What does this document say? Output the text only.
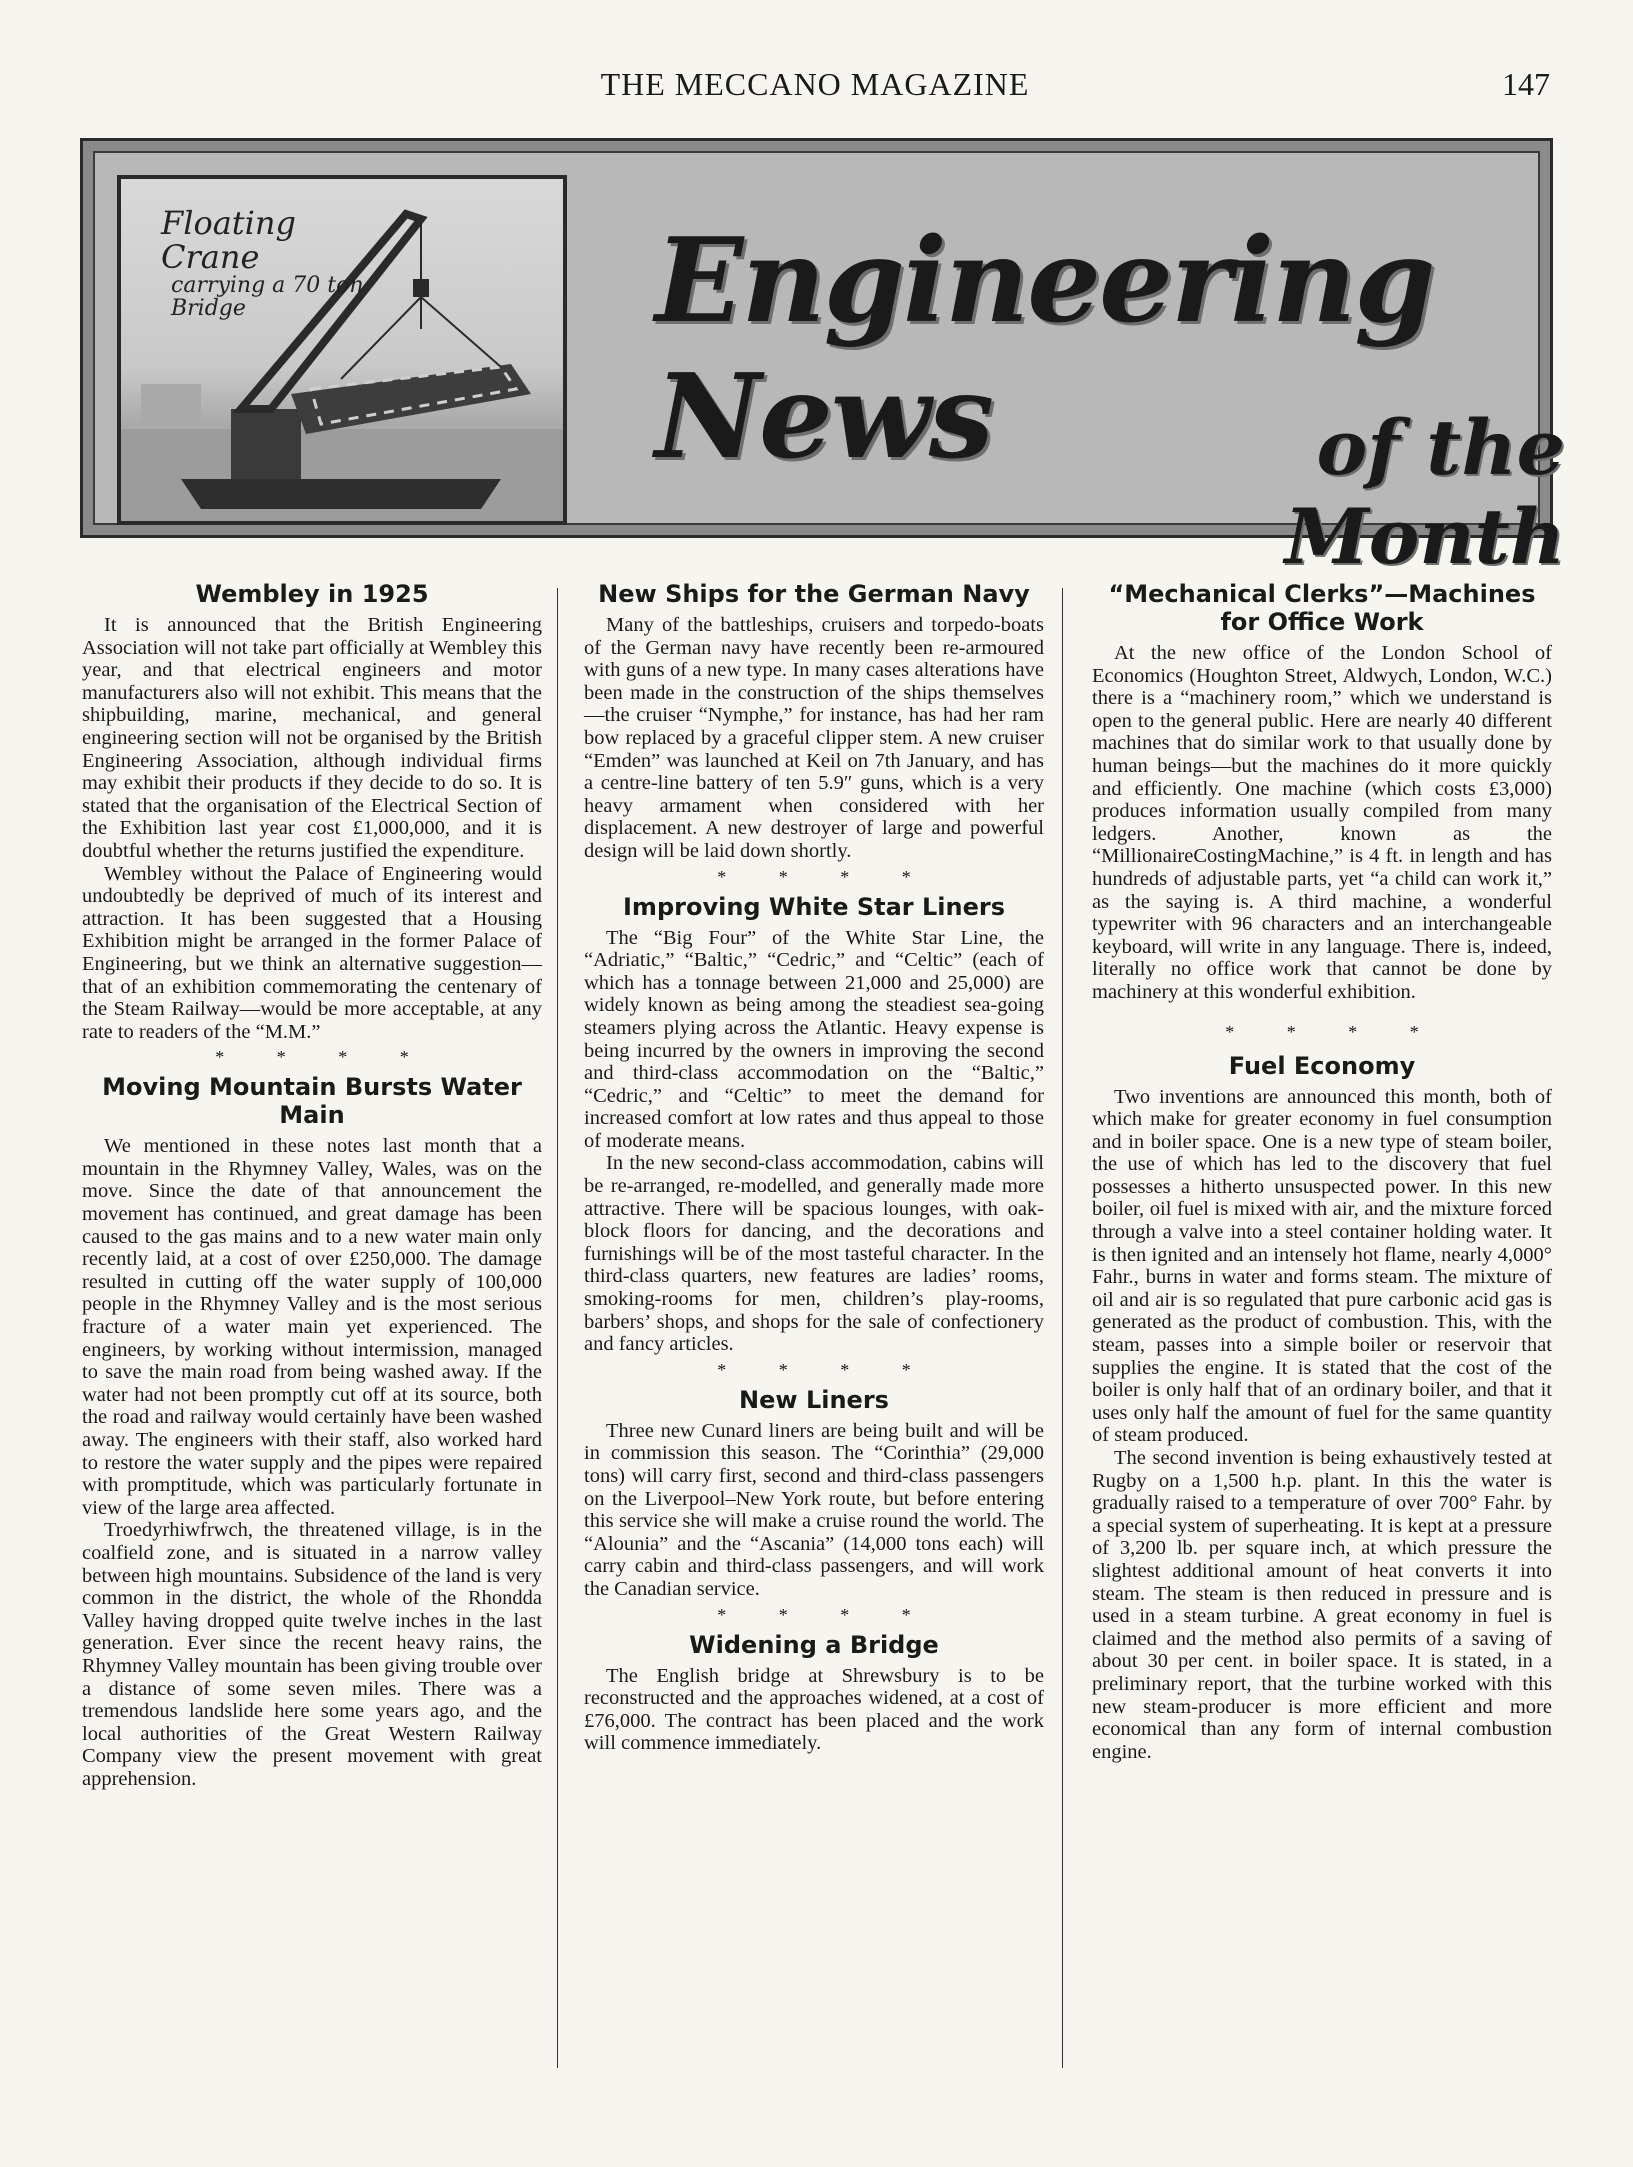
THE MECCANO MAGAZINE	147
Floating Crane
carrying a 70 ton Bridge	Engineering News	of the Month
Wembley in 1925

It is announced that the British Engineering Association will not take part officially at Wembley this year, and that electrical engineers and motor manufacturers also will not exhibit. This means that the shipbuilding, marine, mechanical, and general engineering section will not be organised by the British Engineering Association, although individual firms may exhibit their products if they decide to do so. It is stated that the organisation of the Electrical Section of the Exhibition last year cost £1,000,000, and it is doubtful whether the returns justified the expenditure.

Wembley without the Palace of Engineering would undoubtedly be deprived of much of its interest and attraction. It has been suggested that a Housing Exhibition might be arranged in the former Palace of Engineering, but we think an alternative suggestion—that of an exhibition commemorating the centenary of the Steam Railway—would be more acceptable, at any rate to readers of the “M.M.”

* * * *
Moving Mountain Bursts Water Main

We mentioned in these notes last month that a mountain in the Rhymney Valley, Wales, was on the move. Since the date of that announcement the movement has continued, and great damage has been caused to the gas mains and to a new water main only recently laid, at a cost of over £250,000. The damage resulted in cutting off the water supply of 100,000 people in the Rhymney Valley and is the most serious fracture of a water main yet experienced. The engineers, by working without intermission, managed to save the main road from being washed away. If the water had not been promptly cut off at its source, both the road and railway would certainly have been washed away. The engineers with their staff, also worked hard to restore the water supply and the pipes were repaired with promptitude, which was particularly fortunate in view of the large area affected.

Troedyrhiwfrwch, the threatened village, is in the coalfield zone, and is situated in a narrow valley between high mountains. Subsidence of the land is very common in the district, the whole of the Rhondda Valley having dropped quite twelve inches in the last generation. Ever since the recent heavy rains, the Rhymney Valley mountain has been giving trouble over a distance of some seven miles. There was a tremendous landslide here some years ago, and the local authorities of the Great Western Railway Company view the present movement with great apprehension.

New Ships for the German Navy

Many of the battleships, cruisers and torpedo-boats of the German navy have recently been re-armoured with guns of a new type. In many cases alterations have been made in the construction of the ships themselves—the cruiser “Nymphe,” for instance, has had her ram bow replaced by a graceful clipper stem. A new cruiser “Emden” was launched at Keil on 7th January, and has a centre-line battery of ten 5.9″ guns, which is a very heavy armament when considered with her displacement. A new destroyer of large and powerful design will be laid down shortly.

* * * *
Improving White Star Liners

The “Big Four” of the White Star Line, the “Adriatic,” “Baltic,” “Cedric,” and “Celtic” (each of which has a tonnage between 21,000 and 25,000) are widely known as being among the steadiest sea-going steamers plying across the Atlantic. Heavy expense is being incurred by the owners in improving the second and third-class accommodation on the “Baltic,” “Cedric,” and “Celtic” to meet the demand for increased comfort at low rates and thus appeal to those of moderate means.

In the new second-class accommodation, cabins will be re-arranged, re-modelled, and generally made more attractive. There will be spacious lounges, with oak-block floors for dancing, and the decorations and furnishings will be of the most tasteful character. In the third-class quarters, new features are ladies’ rooms, smoking-rooms for men, children’s play-rooms, barbers’ shops, and shops for the sale of confectionery and fancy articles.

* * * *
New Liners

Three new Cunard liners are being built and will be in commission this season. The “Corinthia” (29,000 tons) will carry first, second and third-class passengers on the Liverpool–New York route, but before entering this service she will make a cruise round the world. The “Alounia” and the “Ascania” (14,000 tons each) will carry cabin and third-class passengers, and will work the Canadian service.

* * * *
Widening a Bridge

The English bridge at Shrewsbury is to be reconstructed and the approaches widened, at a cost of £76,000. The contract has been placed and the work will commence immediately.

“Mechanical Clerks”—Machines for Office Work

At the new office of the London School of Economics (Houghton Street, Aldwych, London, W.C.) there is a “machinery room,” which we understand is open to the general public. Here are nearly 40 different machines that do similar work to that usually done by human beings—but the machines do it more quickly and efficiently. One machine (which costs £3,000) produces information usually compiled from many ledgers. Another, known as the “MillionaireCostingMachine,” is 4 ft. in length and has hundreds of adjustable parts, yet “a child can work it,” as the saying is. A third machine, a wonderful typewriter with 96 characters and an interchangeable keyboard, will write in any language. There is, indeed, literally no office work that cannot be done by machinery at this wonderful exhibition.

* * * *
Fuel Economy

Two inventions are announced this month, both of which make for greater economy in fuel consumption and in boiler space. One is a new type of steam boiler, the use of which has led to the discovery that fuel possesses a hitherto unsuspected power. In this new boiler, oil fuel is mixed with air, and the mixture forced through a valve into a steel container holding water. It is then ignited and an intensely hot flame, nearly 4,000° Fahr., burns in water and forms steam. The mixture of oil and air is so regulated that pure carbonic acid gas is generated as the product of combustion. This, with the steam, passes into a simple boiler or reservoir that supplies the engine. It is stated that the cost of the boiler is only half that of an ordinary boiler, and that it uses only half the amount of fuel for the same quantity of steam produced.

The second invention is being exhaustively tested at Rugby on a 1,500 h.p. plant. In this the water is gradually raised to a temperature of over 700° Fahr. by a special system of superheating. It is kept at a pressure of 3,200 lb. per square inch, at which pressure the slightest additional amount of heat converts it into steam. The steam is then reduced in pressure and is used in a steam turbine. A great economy in fuel is claimed and the method also permits of a saving of about 30 per cent. in boiler space. It is stated, in a preliminary report, that the turbine worked with this new steam-producer is more efficient and more economical than any form of internal combustion engine.
